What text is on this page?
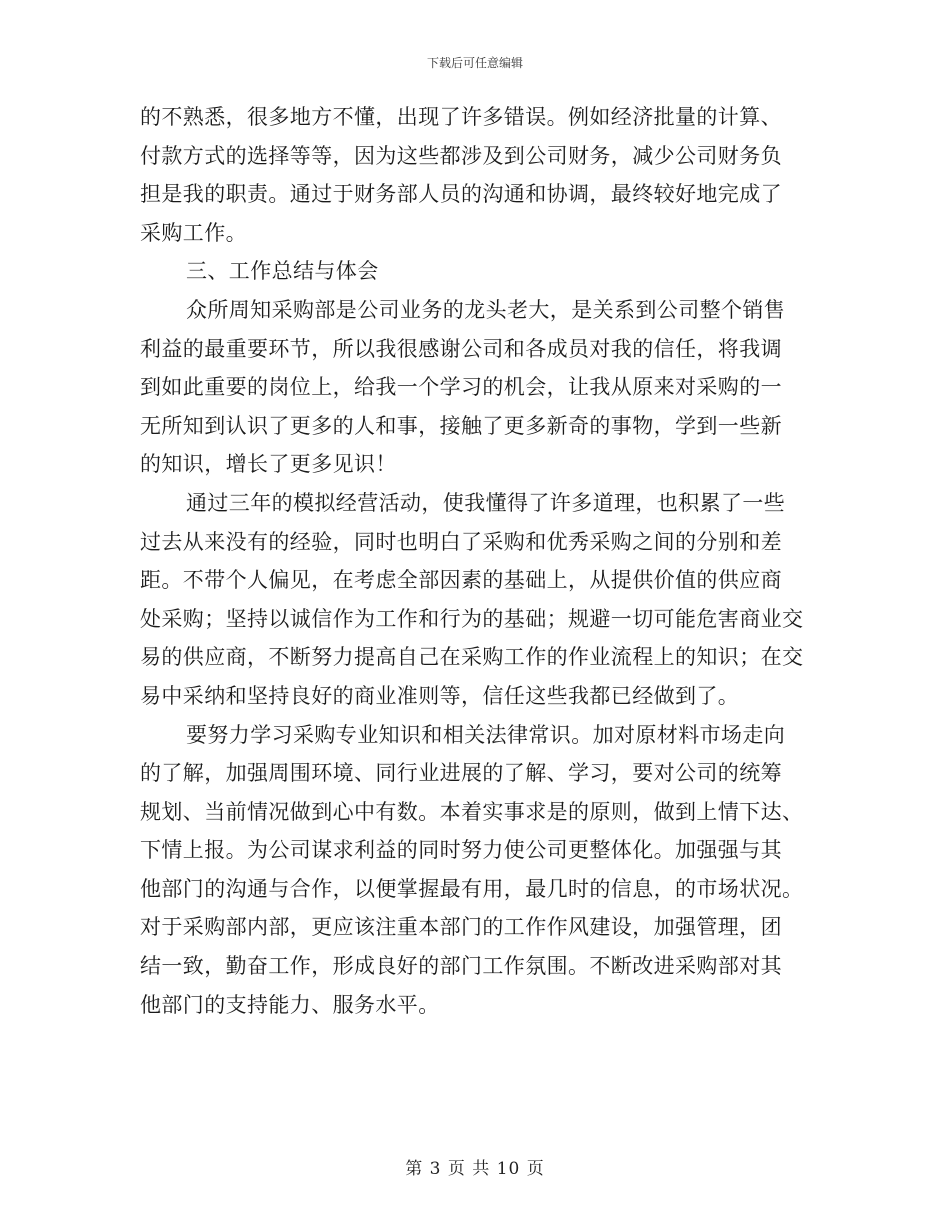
下载后可任意编辑

的不熟悉，很多地方不懂，出现了许多错误。例如经济批量的计算、
付款方式的选择等等，因为这些都涉及到公司财务，减少公司财务负
担是我的职责。通过于财务部人员的沟通和协调，最终较好地完成了
采购工作。

三、工作总结与体会

众所周知采购部是公司业务的龙头老大，是关系到公司整个销售
利益的最重要环节，所以我很感谢公司和各成员对我的信任，将我调
到如此重要的岗位上，给我一个学习的机会，让我从原来对采购的一
无所知到认识了更多的人和事，接触了更多新奇的事物，学到一些新
的知识，增长了更多见识！

通过三年的模拟经营活动，使我懂得了许多道理，也积累了一些
过去从来没有的经验，同时也明白了采购和优秀采购之间的分别和差
距。不带个人偏见，在考虑全部因素的基础上，从提供价值的供应商
处采购；坚持以诚信作为工作和行为的基础；规避一切可能危害商业交
易的供应商，不断努力提高自己在采购工作的作业流程上的知识；在交
易中采纳和坚持良好的商业准则等，信任这些我都已经做到了。

要努力学习采购专业知识和相关法律常识。加对原材料市场走向
的了解，加强周围环境、同行业进展的了解、学习，要对公司的统筹
规划、当前情况做到心中有数。本着实事求是的原则，做到上情下达、
下情上报。为公司谋求利益的同时努力使公司更整体化。加强强与其
他部门的沟通与合作，以便掌握最有用，最几时的信息，的市场状况。
对于采购部内部，更应该注重本部门的工作作风建设，加强管理，团
结一致，勤奋工作，形成良好的部门工作氛围。不断改进采购部对其
他部门的支持能力、服务水平。

第 3 页 共 10 页
